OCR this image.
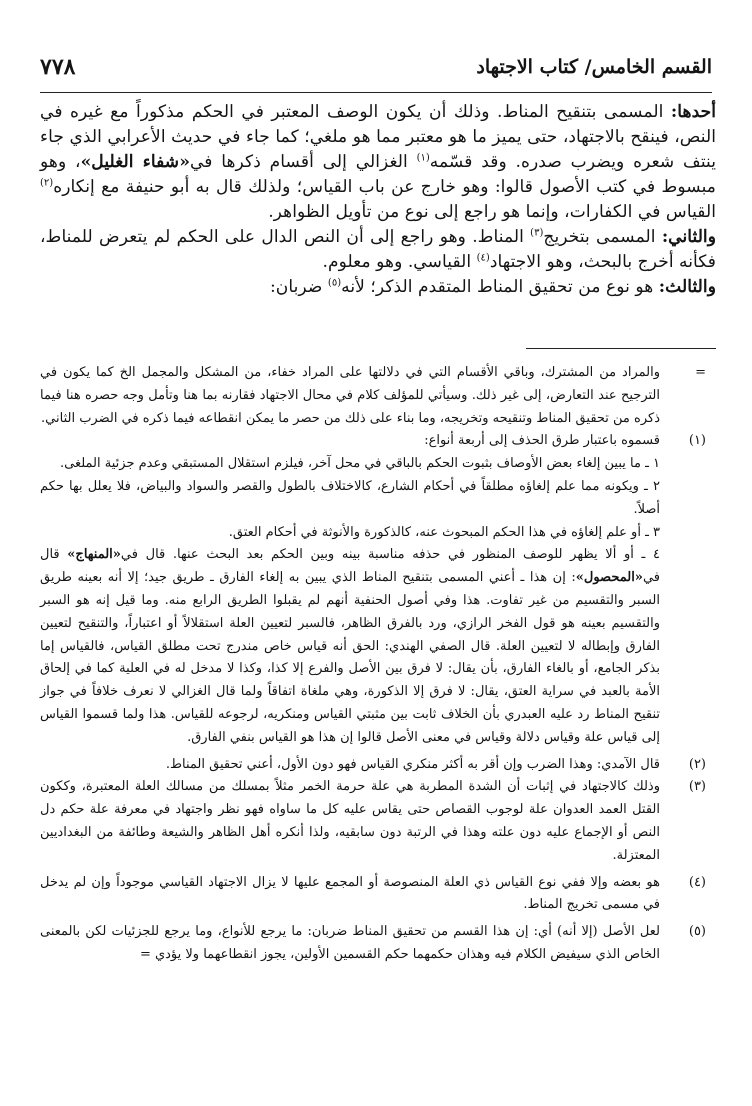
٧٧٨	القسم الخامس/ كتاب الاجتهاد

أحدها: المسمى بتنقيح المناط. وذلك أن يكون الوصف المعتبر في الحكم مذكوراً مع غيره في النص، فينقح بالاجتهاد، حتى يميز ما هو معتبر مما هو ملغي؛ كما جاء في حديث الأعرابي الذي جاء ينتف شعره ويضرب صدره. وقد قسّمه$^{(١)}$ الغزالي إلى أقسام ذكرها في«شفاء الغليل»، وهو مبسوط في كتب الأصول قالوا: وهو خارج عن باب القياس؛ ولذلك قال به أبو حنيفة مع إنكاره$^{(٢)}$ القياس في الكفارات، وإنما هو راجع إلى نوع من تأويل الظواهر.

والثاني: المسمى بتخريج$^{(٣)}$ المناط. وهو راجع إلى أن النص الدال على الحكم لم يتعرض للمناط، فكأنه أخرج بالبحث، وهو الاجتهاد$^{(٤)}$ القياسي. وهو معلوم.

والثالث: هو نوع من تحقيق المناط المتقدم الذكر؛ لأنه$^{(٥)}$ ضربان:

=

والمراد من المشترك، وباقي الأقسام التي في دلالتها على المراد خفاء، من المشكل والمجمل الخ كما يكون في الترجيح عند التعارض، إلى غير ذلك. وسيأتي للمؤلف كلام في محال الاجتهاد فقارنه بما هنا وتأمل وجه حصره هنا فيما ذكره من تحقيق المناط وتنقيحه وتخريجه، وما بناء على ذلك من حصر ما يمكن انقطاعه فيما ذكره في الضرب الثاني.

(١)

قسموه باعتبار طرق الحذف إلى أربعة أنواع:

١ ـ ما يبين إلغاء بعض الأوصاف بثبوت الحكم بالباقي في محل آخر، فيلزم استقلال المستبقي وعدم جزئية الملغى.

٢ ـ ويكونه مما علم إلغاؤه مطلقاً في أحكام الشارع، كالاختلاف بالطول والقصر والسواد والبياض، فلا يعلل بها حكم أصلاً.

٣ ـ أو علم إلغاؤه في هذا الحكم المبحوث عنه، كالذكورة والأنوثة في أحكام العتق.

٤ ـ أو ألا يظهر للوصف المنظور في حذفه مناسبة بينه وبين الحكم بعد البحث عنها. قال في«المنهاج» قال في«المحصول»: إن هذا ـ أعني المسمى بتنقيح المناط الذي يبين به إلغاء الفارق ـ طريق جيد؛ إلا أنه بعينه طريق السبر والتقسيم من غير تفاوت. هذا وفي أصول الحنفية أنهم لم يقبلوا الطريق الرابع منه. وما قيل إنه هو السبر والتقسيم بعينه هو قول الفخر الرازي، ورد بالفرق الظاهر، فالسبر لتعيين العلة استقلالاً أو اعتباراً، والتنقيح لتعيين الفارق وإبطاله لا لتعيين العلة. قال الصفي الهندي: الحق أنه قياس خاص مندرج تحت مطلق القياس، فالقياس إما بذكر الجامع، أو بالغاء الفارق، بأن يقال: لا فرق بين الأصل والفرع إلا كذا، وكذا لا مدخل له في العلية كما في إلحاق الأمة بالعبد في سراية العتق، يقال: لا فرق إلا الذكورة، وهي ملغاة اتفاقاً ولما قال الغزالي لا نعرف خلافاً في جواز تنقيح المناط رد عليه العبدري بأن الخلاف ثابت بين مثبتي القياس ومنكريه، لرجوعه للقياس. هذا ولما قسموا القياس إلى قياس علة وقياس دلالة وقياس في معنى الأصل قالوا إن هذا هو القياس بنفي الفارق.

(٢)

قال الآمدي: وهذا الضرب وإن أقر به أكثر منكري القياس فهو دون الأول، أعني تحقيق المناط.

(٣)

وذلك كالاجتهاد في إثبات أن الشدة المطربة هي علة حرمة الخمر مثلاً بمسلك من مسالك العلة المعتبرة، وككون القتل العمد العدوان علة لوجوب القصاص حتى يقاس عليه كل ما ساواه فهو نظر واجتهاد في معرفة علة حكم دل النص أو الإجماع عليه دون علته وهذا في الرتبة دون سابقيه، ولذا أنكره أهل الظاهر والشيعة وطائفة من البغداديين المعتزلة.

(٤)

هو بعضه وإلا ففي نوع القياس ذي العلة المنصوصة أو المجمع عليها لا يزال الاجتهاد القياسي موجوداً وإن لم يدخل في مسمى تخريج المناط.

(٥)

لعل الأصل (إلا أنه) أي: إن هذا القسم من تحقيق المناط ضربان: ما يرجع للأنواع، وما يرجع للجزئيات لكن بالمعنى الخاص الذي سيفيض الكلام فيه وهذان حكمهما حكم القسمين الأولين، يجوز انقطاعهما ولا يؤدي =
